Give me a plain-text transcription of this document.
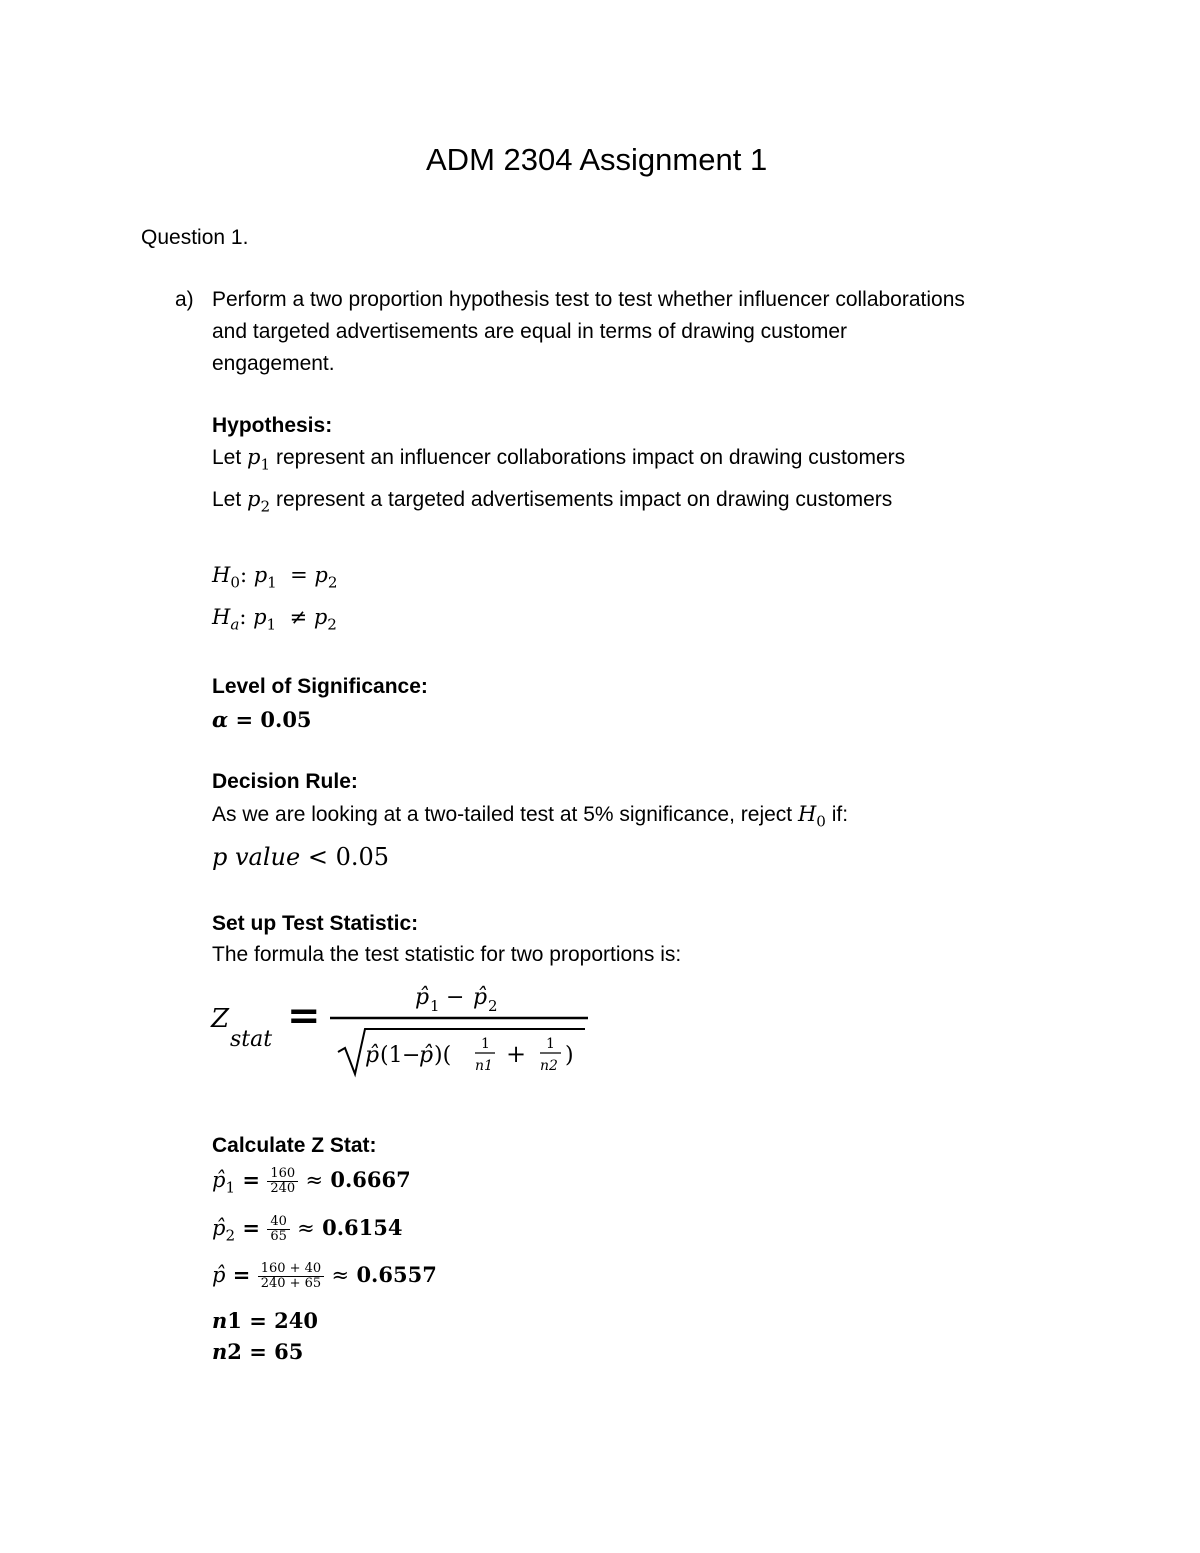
ADM 2304 Assignment 1
Question 1.
a) Perform a two proportion hypothesis test to test whether influencer collaborations
and targeted advertisements are equal in terms of drawing customer
engagement.
Hypothesis:
Let $p_1$ represent an influencer collaborations impact on drawing customers
Let $p_2$ represent a targeted advertisements impact on drawing customers
$H_0$: $p_1 = p_2$
$H_a$: $p_1 \ne p_2$
Level of Significance:
α = 0.05
Decision Rule:
As we are looking at a two-tailed test at 5% significance, reject $H_0$ if:
p value < 0.05
Set up Test Statistic:
The formula the test statistic for two proportions is:
Z
stat
=	p̂ 1 − p̂ 2
p̂ (1 −
p̂ )( 1
n1 + 1
n2 )
Calculate Z Stat:
$p̂_1 = \frac{160}{240} \approx 0.6667$
$p̂_2 = \frac{40}{65} \approx 0.6154$
p̂ = $\frac{160 + 40}{240 + 65} \approx 0.6557$
n1 = 240
n2 = 65
